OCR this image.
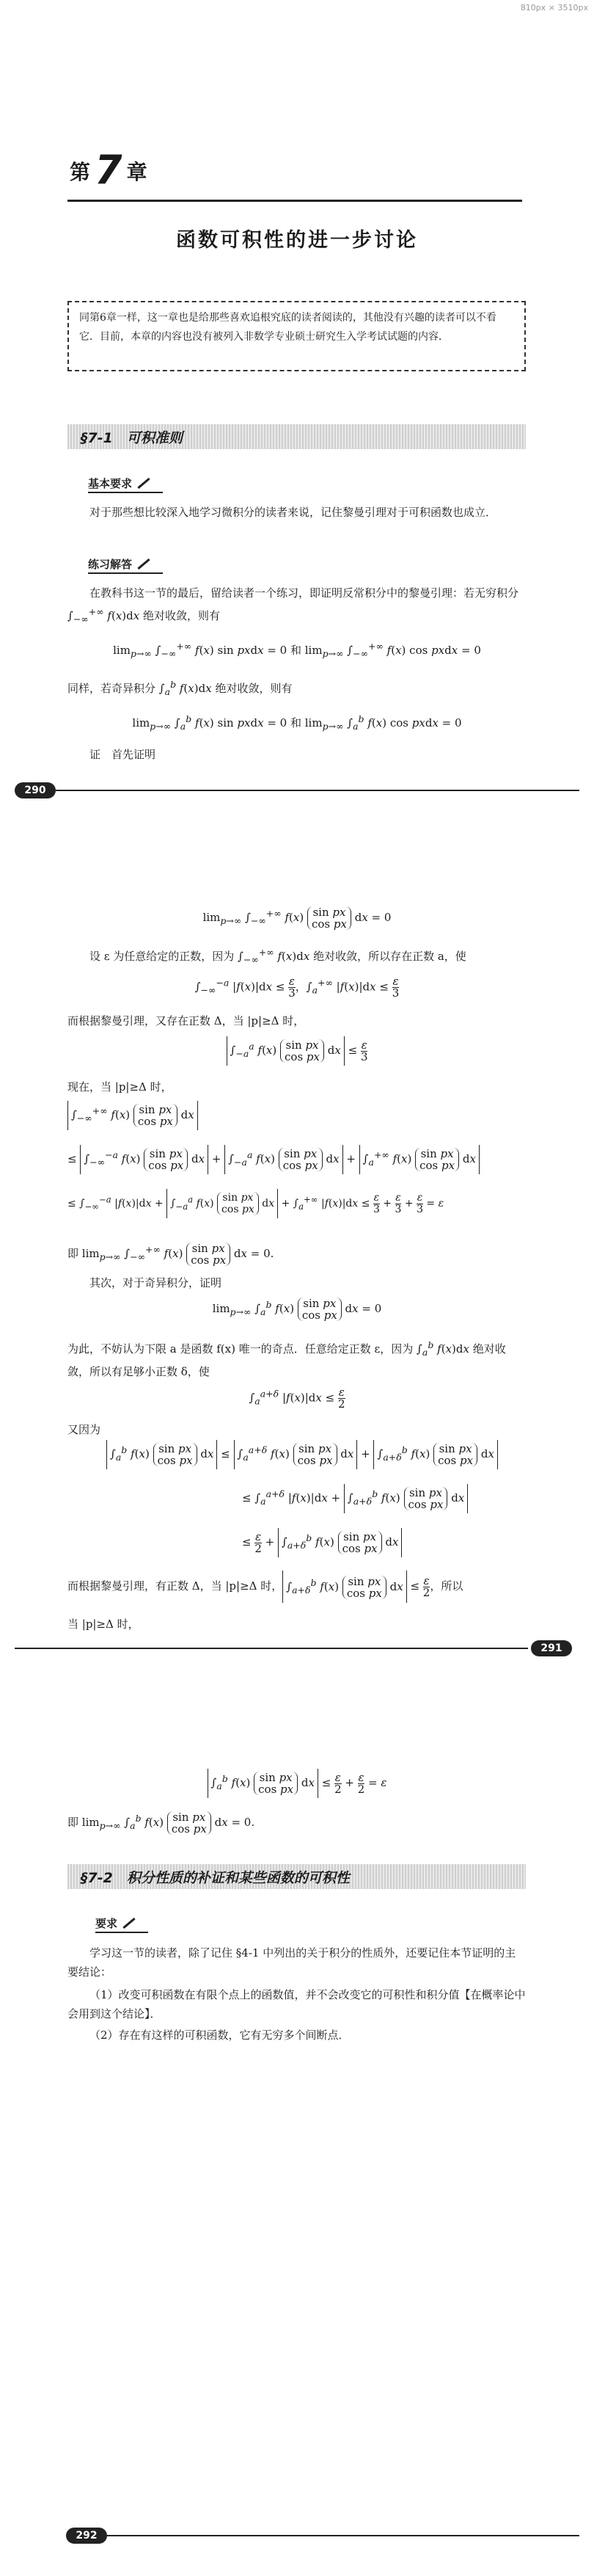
810px × 3510px
第 7 章
函数可积性的进一步讨论
同第6章一样，这一章也是给那些喜欢追根究底的读者阅读的，其他没有兴趣的读者可以不看它．目前，本章的内容也没有被列入非数学专业硕士研究生入学考试试题的内容．
§7-1　可积准则
基本要求
对于那些想比较深入地学习微积分的读者来说，记住黎曼引理对于可积函数也成立．
练习解答
在教科书这一节的最后，留给读者一个练习，即证明反常积分中的黎曼引理：若无穷积分 $\int_{-\infty}^{+\infty}$ f(x)dx 绝对收敛，则有
$\lim_{p\to\infty} \int_{-\infty}^{+\infty}$ f(x) sin pxdx = 0 和 $\lim_{p\to\infty} \int_{-\infty}^{+\infty}$ f(x) cos pxdx = 0
同样，若奇异积分 $\int_a^b$ f(x)dx 绝对收敛，则有
$\lim_{p\to\infty} \int_a^b$ f(x) sin pxdx = 0 和 $\lim_{p\to\infty} \int_a^b$ f(x) cos pxdx = 0
证　首先证明
290
$\lim_{p\to\infty} \int_{-\infty}^{+\infty}$ f(x) sin px
cos px dx = 0
设 ε 为任意给定的正数，因为 $\int_{-\infty}^{+\infty}$ f(x)dx 绝对收敛，所以存在正数 a，使
$\int_{-\infty}^{-a}$ $|f(x)|dx \le \frac{\varepsilon}{3}$ ，$\int_a^{+\infty}$ $|f(x)|dx \le \frac{\varepsilon}{3}$
而根据黎曼引理，又存在正数 Δ，当 |p|≥Δ 时，
$\int_{-a}^a$ f(x) sin px
cos px dx ≤ $\frac{\varepsilon}{3}$
现在，当 |p|≥Δ 时，
$\int_{-\infty}^{+\infty}$ f(x) sin px
cos px dx
≤ $\int_{-\infty}^{-a}$ f(x) sin px
cos px dx + $\int_{-a}^a$ f(x) sin px
cos px dx + $\int_a^{+\infty}$ f(x) sin px
cos px dx
≤ $\int_{-\infty}^{-a}$ $|f(x)|dx + \int_{-a}^a$ f(x) sin px
cos px dx + $\int_a^{+\infty}$ $|f(x)|dx \le \frac{\varepsilon}{3} + \frac{\varepsilon}{3} + \frac{\varepsilon}{3} = \varepsilon$
即 $\lim_{p\to\infty} \int_{-\infty}^{+\infty}$ f(x) sin px
cos px dx = 0.
其次，对于奇异积分，证明
$\lim_{p\to\infty} \int_a^b$ f(x) sin px
cos px dx = 0
为此，不妨认为下限 a 是函数 f(x) 唯一的奇点．任意给定正数 ε，因为 $\int_a^b$ f(x)dx 绝对收敛，所以有足够小正数 δ，使
$\int_a^{a+\delta}$ $|f(x)|dx \le \frac{\varepsilon}{2}$
又因为
$\int_a^b$ f(x) sin px
cos px dx ≤ $\int_a^{a+\delta}$ f(x) sin px
cos px dx + $\int_{a+\delta}^b$ f(x) sin px
cos px dx
≤ $\int_a^{a+\delta}$ $|f(x)|dx + \int_{a+\delta}^b$ f(x) sin px
cos px dx
≤ $\frac{\varepsilon}{2} + \int_{a+\delta}^b$ f(x) sin px
cos px dx
而根据黎曼引理，有正数 Δ，当 |p|≥Δ 时， $\int_{a+\delta}^b$ f(x) sin px
cos px dx ≤ $\frac{\varepsilon}{2}$ ，所以
当 |p|≥Δ 时，
291
$\int_a^b$ f(x) sin px
cos px dx ≤ $\frac{\varepsilon}{2} + \frac{\varepsilon}{2} = \varepsilon$
即 $\lim_{p\to\infty} \int_a^b$ f(x) sin px
cos px dx = 0.
§7-2　积分性质的补证和某些函数的可积性
要求
学习这一节的读者，除了记住 §4-1 中列出的关于积分的性质外，还要记住本节证明的主要结论：
（1）改变可积函数在有限个点上的函数值，并不会改变它的可积性和积分值【在概率论中会用到这个结论】．
（2）存在有这样的可积函数，它有无穷多个间断点．
292
